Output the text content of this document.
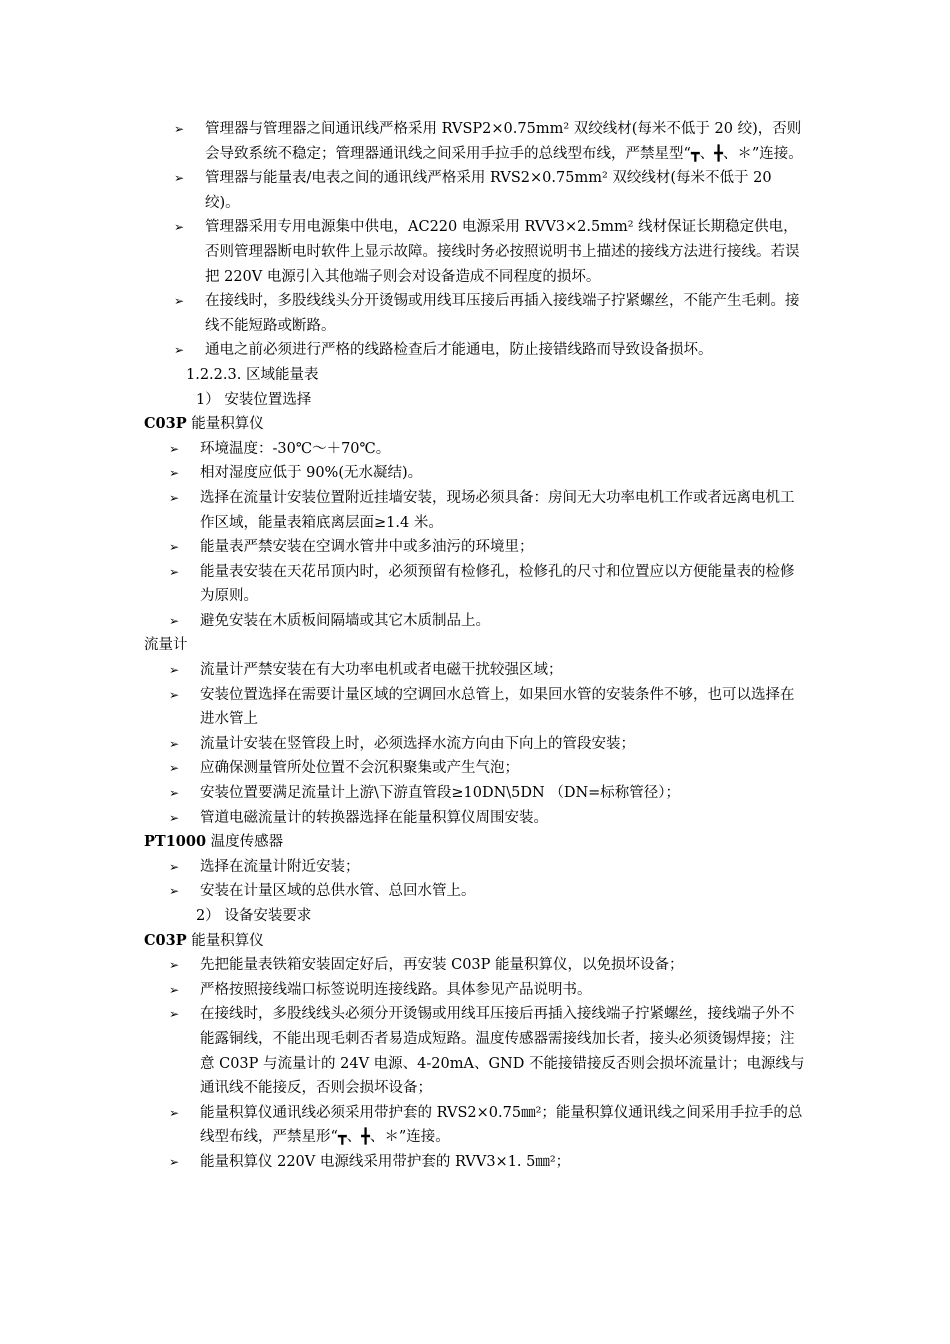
➢ 管理器与管理器之间通讯线严格采用 RVSP2×0.75mm² 双绞线材(每米不低于 20 绞)，否则会导致系统不稳定；管理器通讯线之间采用手拉手的总线型布线，严禁星型“┳、╋、＊”连接。
➢ 管理器与能量表/电表之间的通讯线严格采用 RVS2×0.75mm² 双绞线材(每米不低于 20 绞)。
➢ 管理器采用专用电源集中供电，AC220 电源采用 RVV3×2.5mm² 线材保证长期稳定供电，否则管理器断电时软件上显示故障。接线时务必按照说明书上描述的接线方法进行接线。若误把 220V 电源引入其他端子则会对设备造成不同程度的损坏。
➢ 在接线时，多股线线头分开烫锡或用线耳压接后再插入接线端子拧紧螺丝，不能产生毛刺。接线不能短路或断路。
➢ 通电之前必须进行严格的线路检查后才能通电，防止接错线路而导致设备损坏。
1.2.2.3. 区域能量表
1） 安装位置选择
C03P 能量积算仪
➢ 环境温度：-30℃～＋70℃。
➢ 相对湿度应低于 90%(无水凝结)。
➢ 选择在流量计安装位置附近挂墙安装，现场必须具备：房间无大功率电机工作或者远离电机工作区域，能量表箱底离层面≥1.4 米。
➢ 能量表严禁安装在空调水管井中或多油污的环境里；
➢ 能量表安装在天花吊顶内时，必须预留有检修孔，检修孔的尺寸和位置应以方便能量表的检修为原则。
➢ 避免安装在木质板间隔墙或其它木质制品上。
流量计
➢ 流量计严禁安装在有大功率电机或者电磁干扰较强区域；
➢ 安装位置选择在需要计量区域的空调回水总管上，如果回水管的安装条件不够，也可以选择在进水管上
➢ 流量计安装在竖管段上时，必须选择水流方向由下向上的管段安装；
➢ 应确保测量管所处位置不会沉积聚集或产生气泡；
➢ 安装位置要满足流量计上游\下游直管段≥10DN\5DN （DN=标称管径）；
➢ 管道电磁流量计的转换器选择在能量积算仪周围安装。
PT1000 温度传感器
➢ 选择在流量计附近安装；
➢ 安装在计量区域的总供水管、总回水管上。
2） 设备安装要求
C03P 能量积算仪
➢ 先把能量表铁箱安装固定好后，再安装 C03P 能量积算仪，以免损坏设备；
➢ 严格按照接线端口标签说明连接线路。具体参见产品说明书。
➢ 在接线时，多股线线头必须分开烫锡或用线耳压接后再插入接线端子拧紧螺丝，接线端子外不能露铜线，不能出现毛刺否者易造成短路。温度传感器需接线加长者，接头必须烫锡焊接；注意 C03P 与流量计的 24V 电源、4-20mA、GND 不能接错接反否则会损坏流量计；电源线与通讯线不能接反，否则会损坏设备；
➢ 能量积算仪通讯线必须采用带护套的 RVS2×0.75㎜²；能量积算仪通讯线之间采用手拉手的总线型布线，严禁星形“┳、╋、＊”连接。
➢ 能量积算仪 220V 电源线采用带护套的 RVV3×1. 5㎜²；
